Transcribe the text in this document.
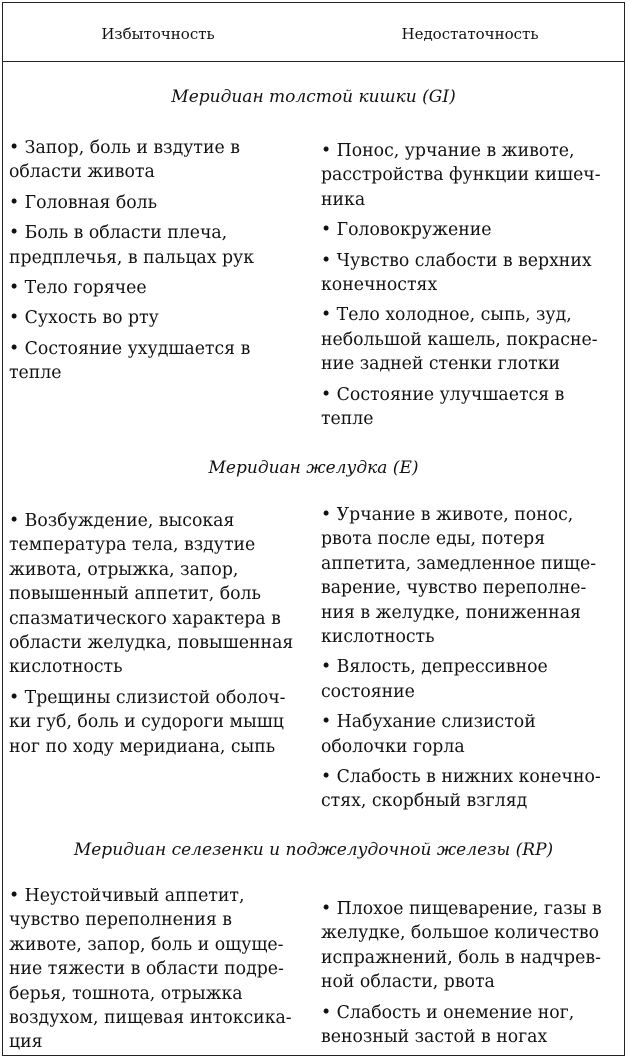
Избыточность	Недостаточность
Меридиан толстой кишки (GI)
• Запор, боль и вздутие в
области живота
• Головная боль
• Боль в области плеча,
предплечья, в пальцах рук
• Тело горячее
• Сухость во рту
• Состояние ухудшается в
тепле
• Понос, урчание в животе,
расстройства функции кишеч-
ника
• Головокружение
• Чувство слабости в верхних
конечностях
• Тело холодное, сыпь, зуд,
небольшой кашель, покрасне-
ние задней стенки глотки
• Состояние улучшается в
тепле
Меридиан желудка (E)
• Возбуждение, высокая
температура тела, вздутие
живота, отрыжка, запор,
повышенный аппетит, боль
спазматического характера в
области желудка, повышенная
кислотность
• Трещины слизистой оболоч-
ки губ, боль и судороги мышц
ног по ходу меридиана, сыпь
• Урчание в животе, понос,
рвота после еды, потеря
аппетита, замедленное пище-
варение, чувство переполне-
ния в желудке, пониженная
кислотность
• Вялость, депрессивное
состояние
• Набухание слизистой
оболочки горла
• Слабость в нижних конечно-
стях, скорбный взгляд
Меридиан селезенки и поджелудочной железы (RP)
• Неустойчивый аппетит,
чувство переполнения в
животе, запор, боль и ощуще-
ние тяжести в области подре-
берья, тошнота, отрыжка
воздухом, пищевая интоксика-
ция
• Плохое пищеварение, газы в
желудке, большое количество
испражнений, боль в надчрев-
ной области, рвота
• Слабость и онемение ног,
венозный застой в ногах
